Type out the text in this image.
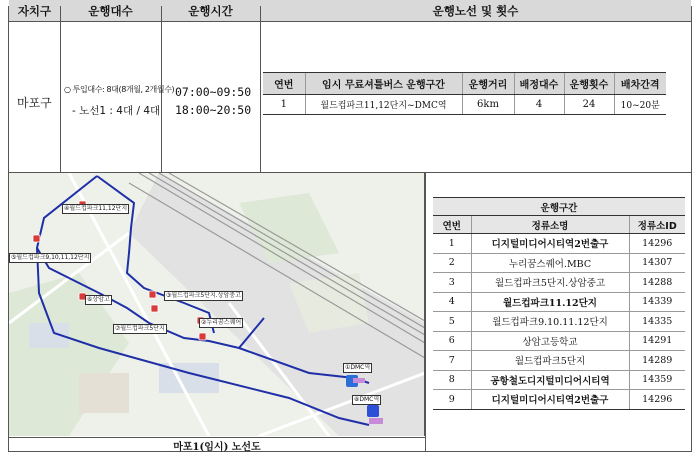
자치구	운행대수	운행시간	운행노선 및 횟수
마포구
○ 투입대수: 8대(8개월, 2개월수)
- 노선1 : 4대 / 4대
07:00~09:50
18:00~20:50
연번	임시 무료셔틀버스 운행구간	운행거리	배정대수	운행횟수	배차간격
1	월드컵파크11,12단지~DMC역	6km	4	24	10~20분
④월드컵파크11,12단지
⑤월드컵파크9,10,11,12단지
⑥상암고
③월드컵파크5단지.상암중고
⑦월드컵파크5단지
②누리꿈스퀘어
①DMC역
⑧DMC역
마포1(임시) 노선도
운행구간		
연번	정류소명	정류소ID
1	디지털미디어시티역2번출구	14296
2	누리꿈스퀘어.MBC	14307
3	월드컵파크5단지.상암중고	14288
4	월드컵파크11.12단지	14339
5	월드컵파크9.10.11.12단지	14335
6	상암고등학교	14291
7	월드컵파크5단지	14289
8	공항철도디지털미디어시티역	14359
9	디지털미디어시티역2번출구	14296
